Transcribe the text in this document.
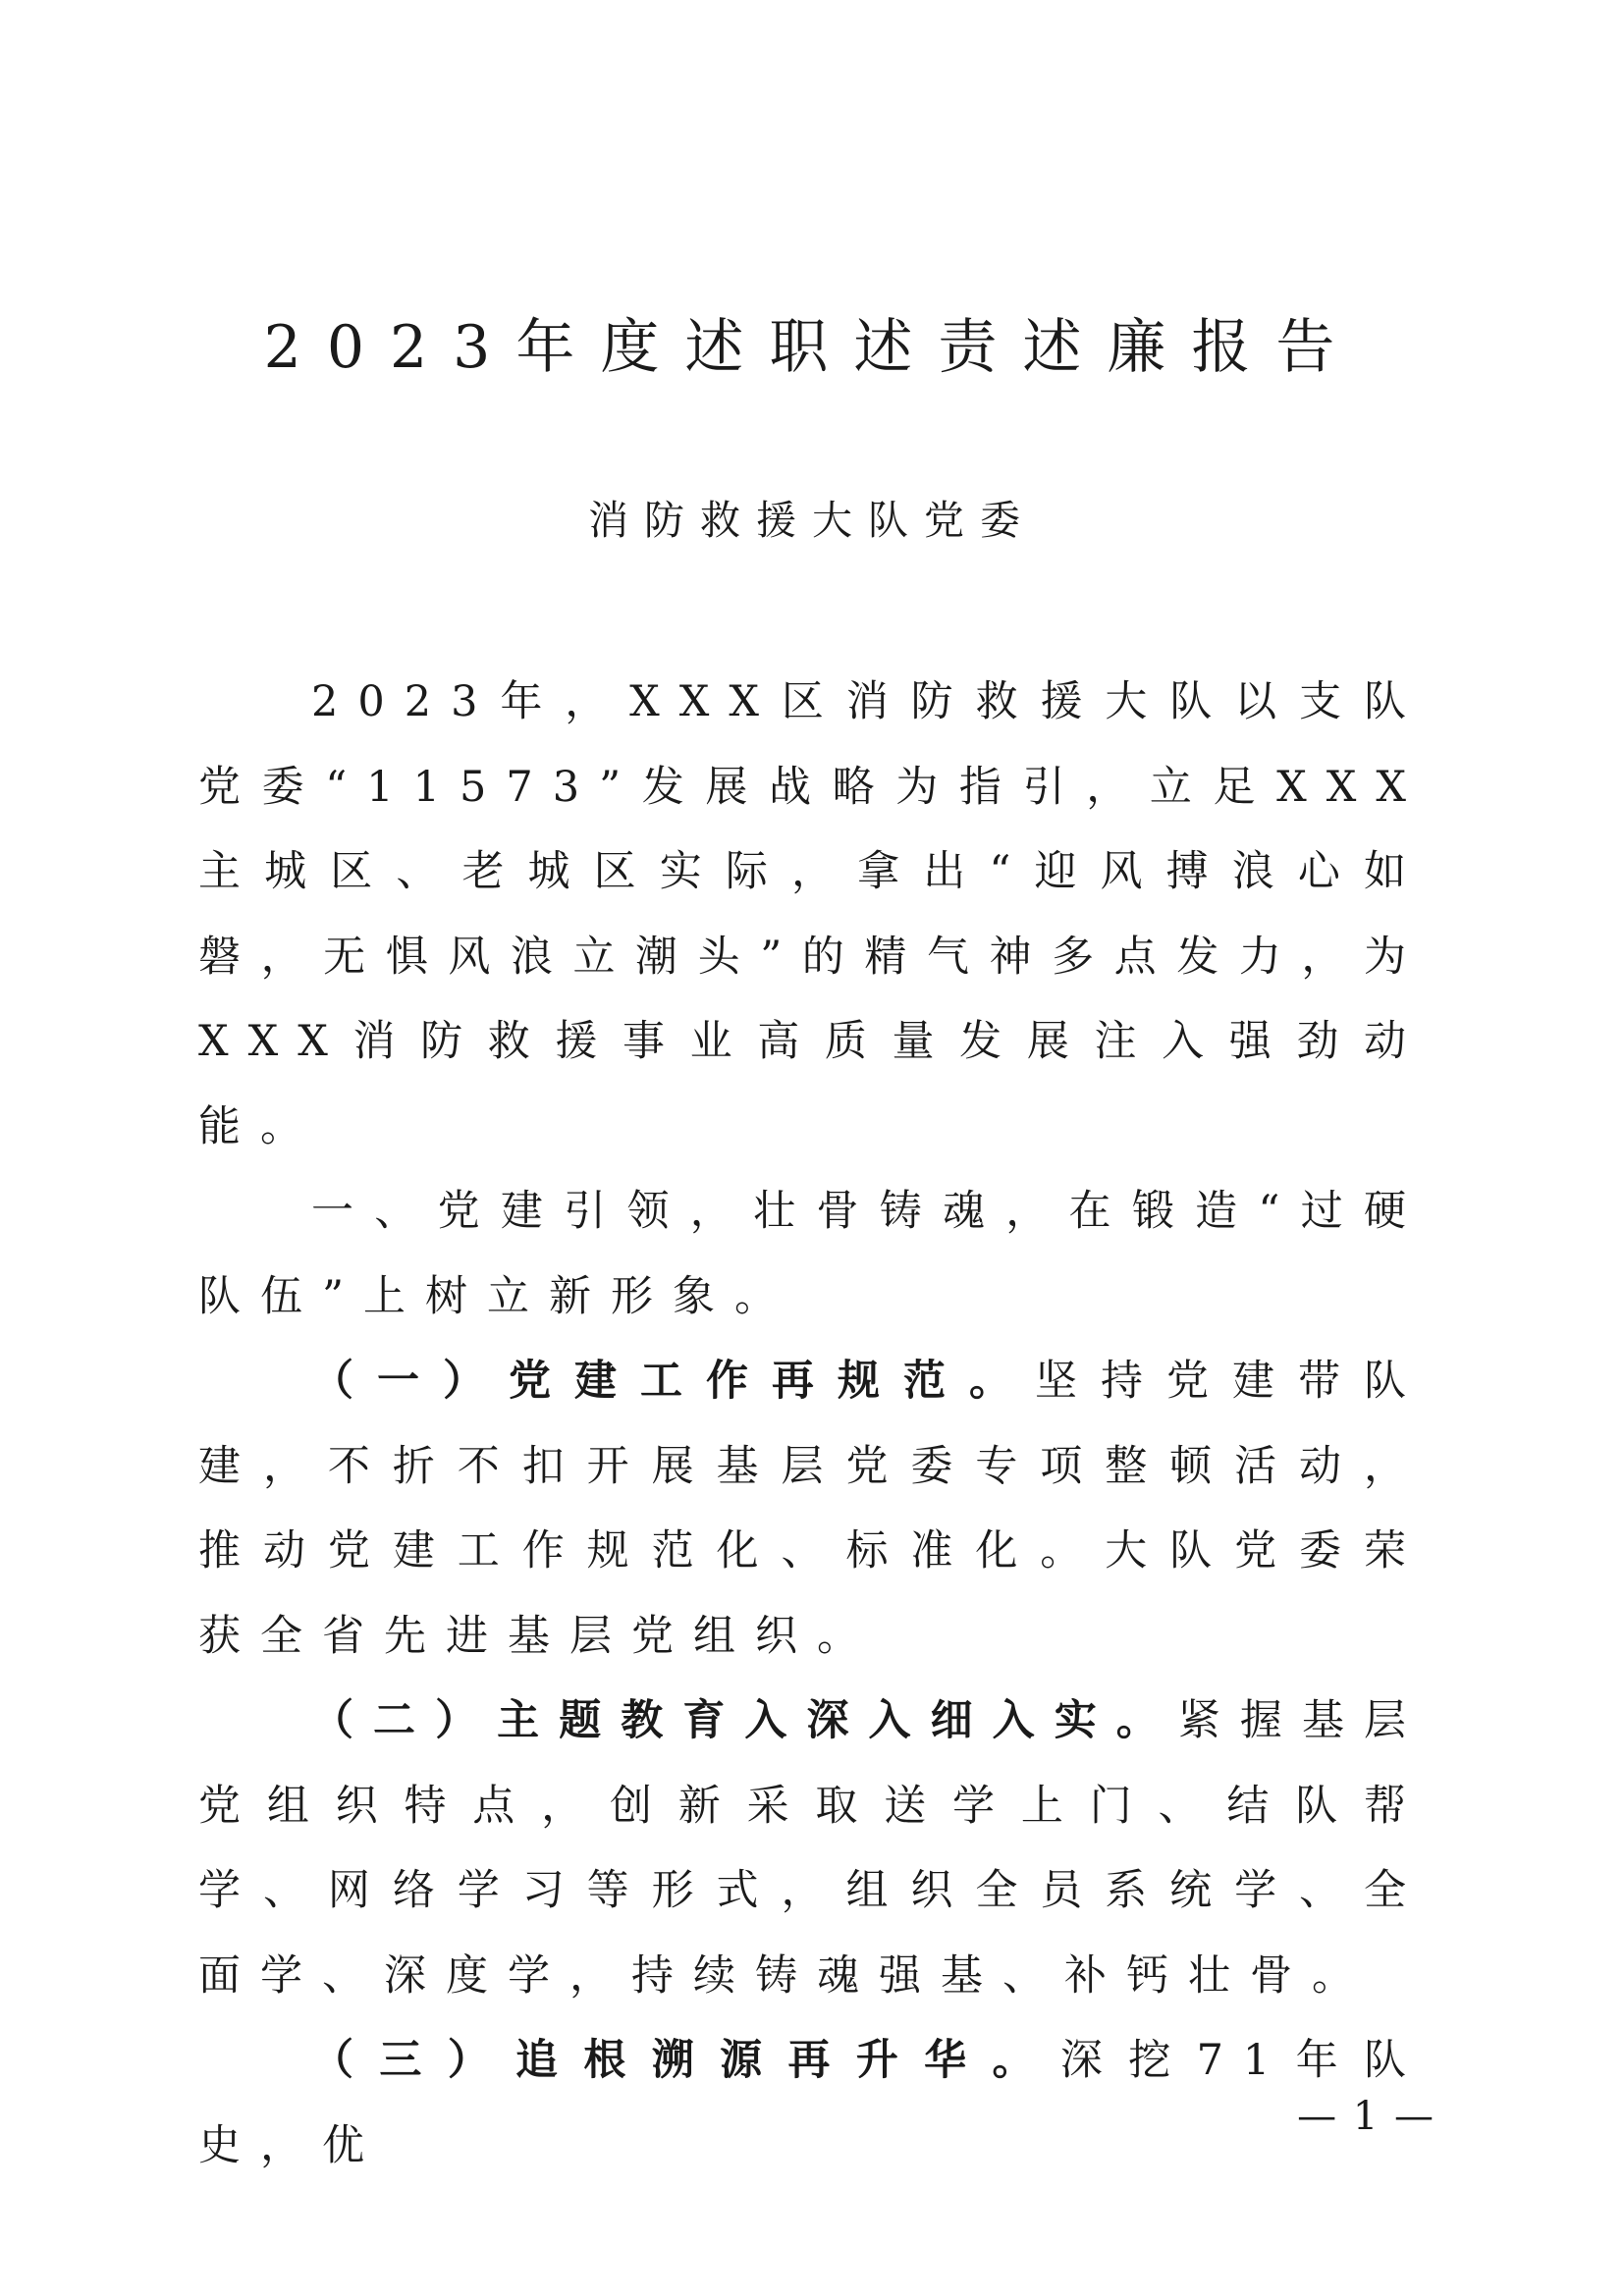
2023年度述职述责述廉报告
消防救援大队党委

2023年，XXX区消防救援大队以支队党委“11573”发展战略为指引，立足XXX主城区、老城区实际，拿出“迎风搏浪心如磐，无惧风浪立潮头”的精气神多点发力，为XXX消防救援事业高质量发展注入强劲动能。

一、党建引领，壮骨铸魂，在锻造“过硬队伍”上树立新形象。

（一）党建工作再规范。坚持党建带队建，不折不扣开展基层党委专项整顿活动，推动党建工作规范化、标准化。大队党委荣获全省先进基层党组织。

（二）主题教育入深入细入实。紧握基层党组织特点，创新采取送学上门、结队帮学、网络学习等形式，组织全员系统学、全面学、深度学，持续铸魂强基、补钙壮骨。

（三）追根溯源再升华。深挖71年队史，优

— 1 —
